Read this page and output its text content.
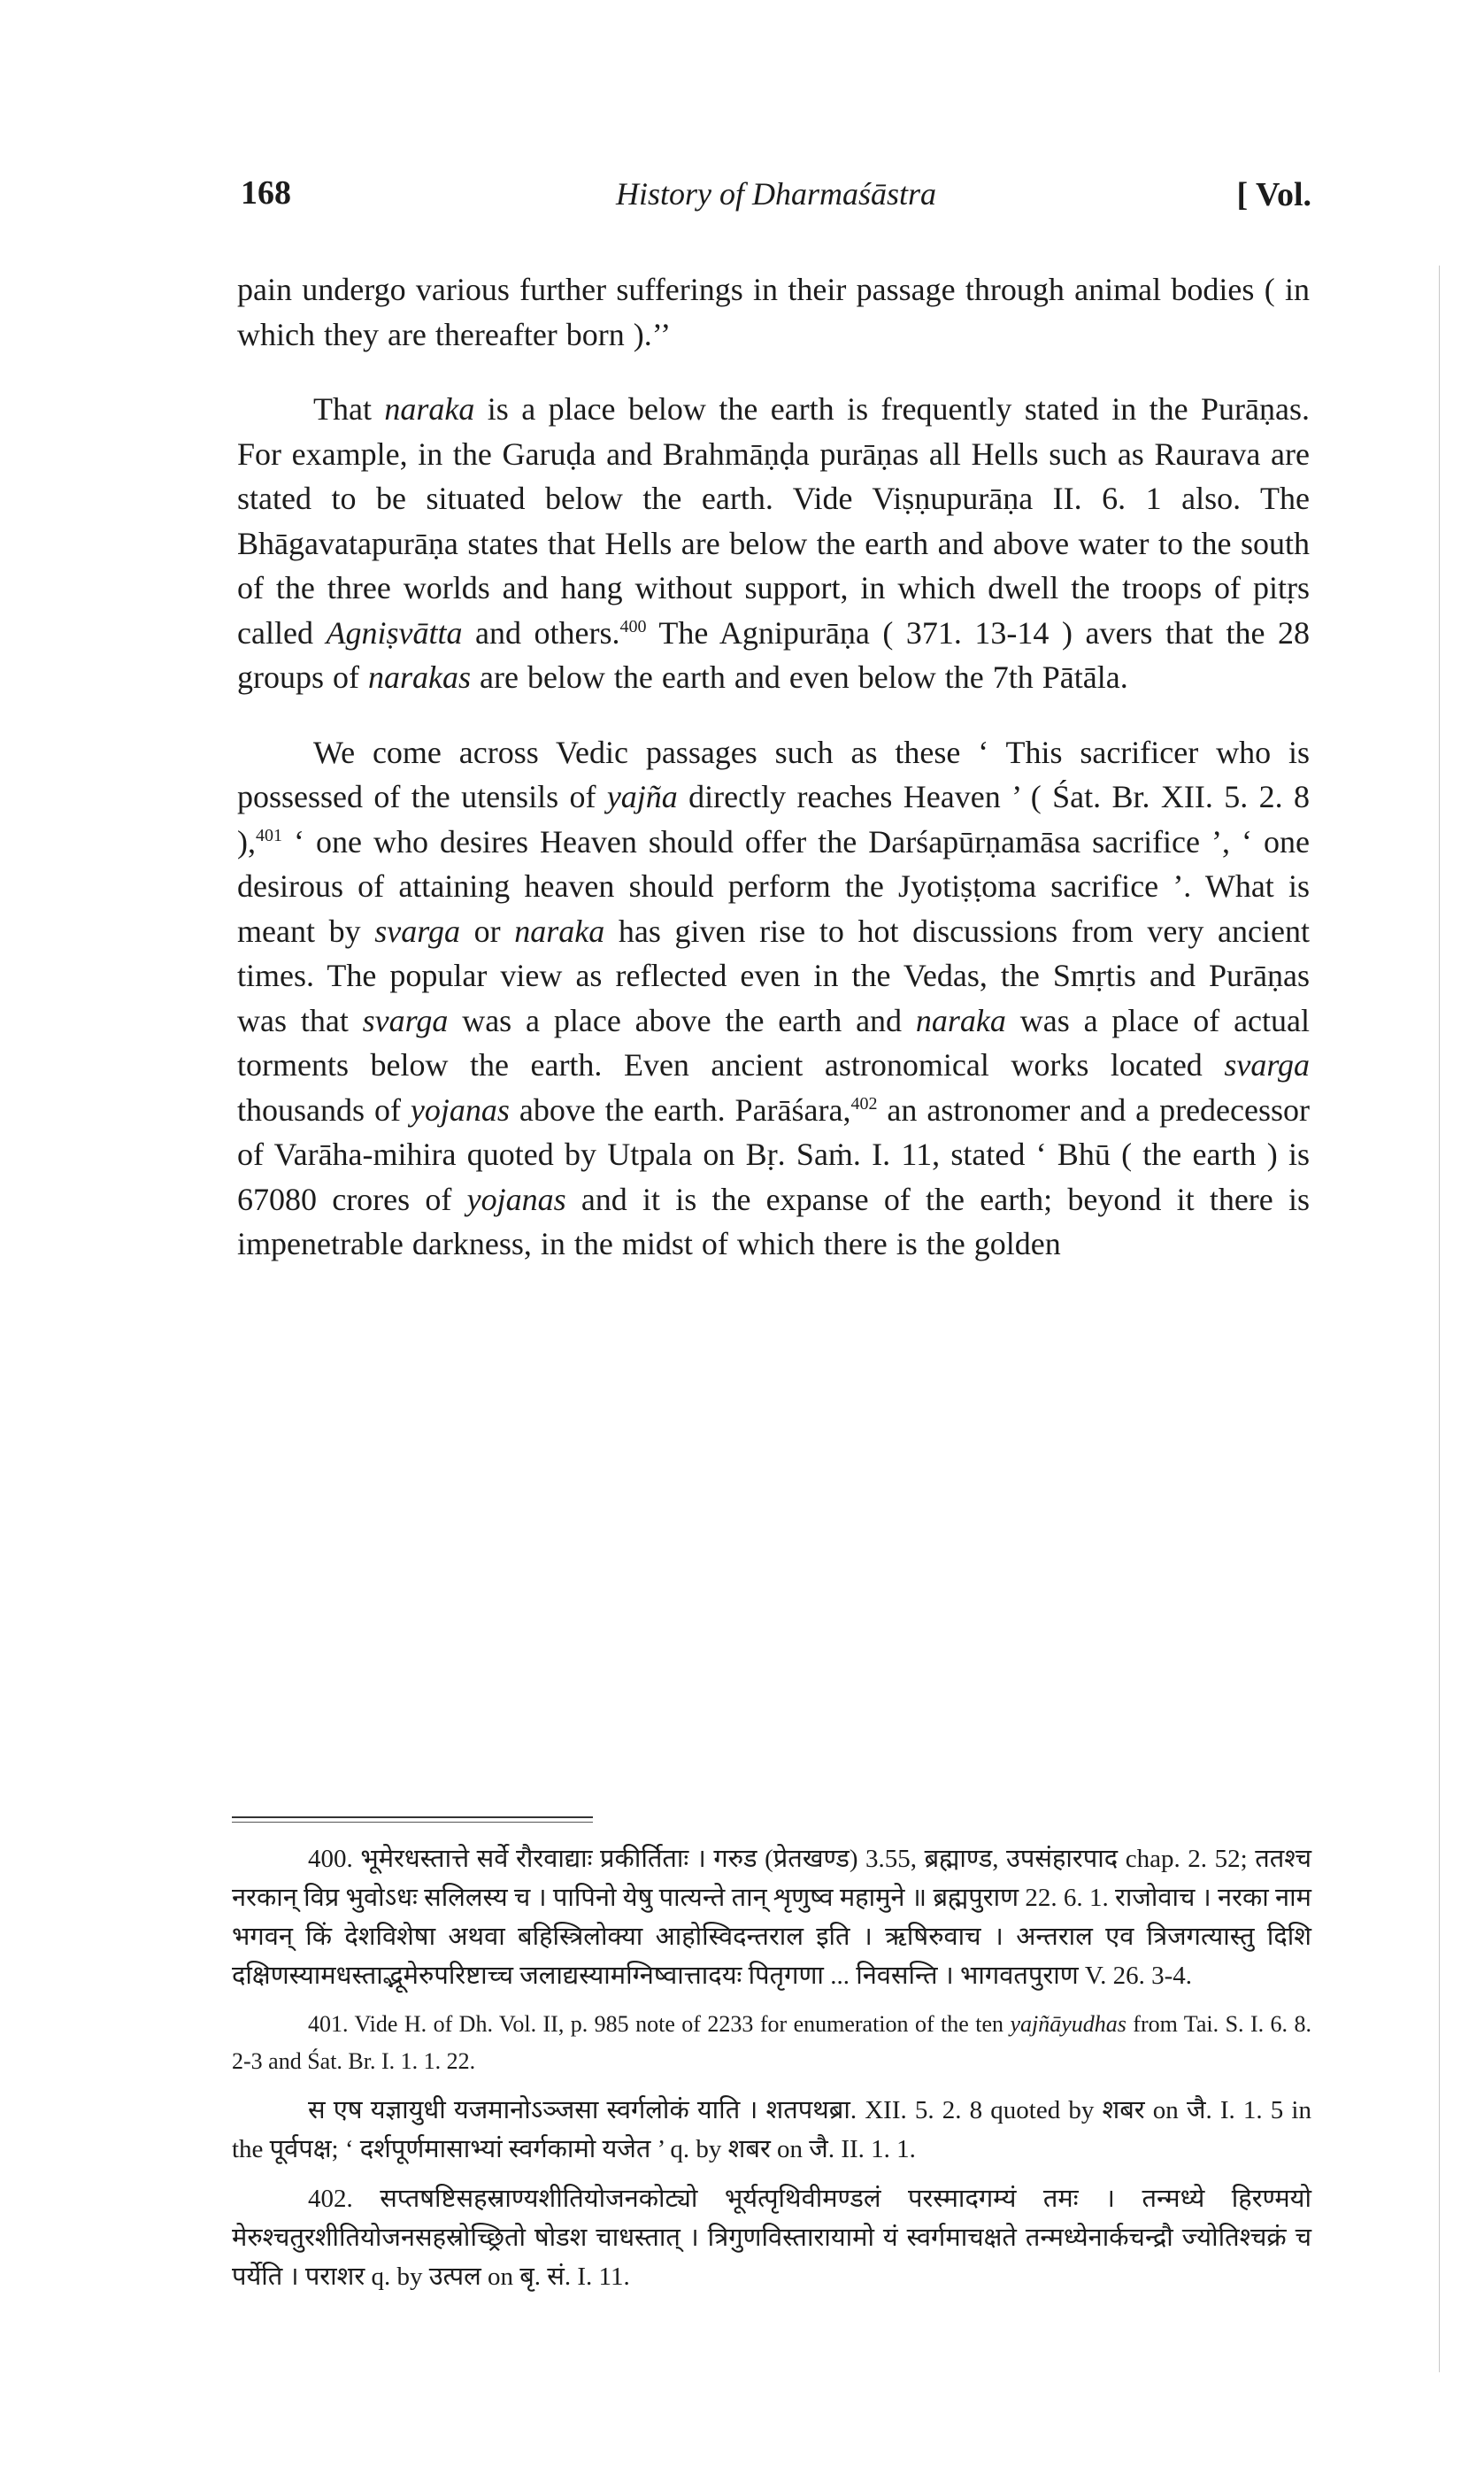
168	History of Dharmaśāstra	[ Vol.

pain undergo various further sufferings in their passage through animal bodies ( in which they are thereafter born ).’’

That naraka is a place below the earth is frequently stated in the Purāṇas. For example, in the Garuḍa and Brahmāṇḍa purāṇas all Hells such as Raurava are stated to be situated below the earth. Vide Viṣṇupurāṇa II. 6. 1 also. The Bhāgavatapurāṇa states that Hells are below the earth and above water to the south of the three worlds and hang without support, in which dwell the troops of pitṛs called Agniṣvātta and others.$^{400}$ The Agnipurāṇa ( 371. 13-14 ) avers that the 28 groups of narakas are below the earth and even below the 7th Pātāla.

We come across Vedic passages such as these ‘ This sacrificer who is possessed of the utensils of yajña directly reaches Heaven ’ ( Śat. Br. XII. 5. 2. 8 ),$^{401}$ ‘ one who desires Heaven should offer the Darśapūrṇamāsa sacrifice ’, ‘ one desirous of attaining heaven should perform the Jyotiṣṭoma sacrifice ’. What is meant by svarga or naraka has given rise to hot discussions from very ancient times. The popular view as reflected even in the Vedas, the Smṛtis and Purāṇas was that svarga was a place above the earth and naraka was a place of actual torments below the earth. Even ancient astronomical works located svarga thousands of yojanas above the earth. Parāśara,$^{402}$ an astronomer and a predecessor of Varāha-mihira quoted by Utpala on Bṛ. Saṁ. I. 11, stated ‘ Bhū ( the earth ) is 67080 crores of yojanas and it is the expanse of the earth; beyond it there is impenetrable darkness, in the midst of which there is the golden

400. भूमेरधस्तात्ते सर्वे रौरवाद्याः प्रकीर्तिताः । गरुड (प्रेतखण्ड) 3.55, ब्रह्माण्ड, उपसंहारपाद chap. 2. 52; ततश्च नरकान् विप्र भुवोऽधः सलिलस्य च । पापिनो येषु पात्यन्ते तान् शृणुष्व महामुने ॥ ब्रह्मपुराण 22. 6. 1. राजोवाच । नरका नाम भगवन् किं देशविशेषा अथवा बहिस्त्रिलोक्या आहोस्विदन्तराल इति । ऋषिरुवाच । अन्तराल एव त्रिजगत्यास्तु दिशि दक्षिणस्यामधस्ताद्भूमेरुपरिष्टाच्च जलाद्यस्यामग्निष्वात्तादयः पितृगणा ... निवसन्ति । भागवतपुराण V. 26. 3-4.

401. Vide H. of Dh. Vol. II, p. 985 note of 2233 for enumeration of the ten yajñāyudhas from Tai. S. I. 6. 8. 2-3 and Śat. Br. I. 1. 1. 22.

स एष यज्ञायुधी यजमानोऽञ्जसा स्वर्गलोकं याति । शतपथब्रा. XII. 5. 2. 8 quoted by शबर on जै. I. 1. 5 in the पूर्वपक्ष; ‘ दर्शपूर्णमासाभ्यां स्वर्गकामो यजेत ’ q. by शबर on जै. II. 1. 1.

402. सप्तषष्टिसहस्राण्यशीतियोजनकोट्यो भूर्यत्पृथिवीमण्डलं परस्मादगम्यं तमः । तन्मध्ये हिरण्मयो मेरुश्चतुरशीतियोजनसहस्रोच्छ्रितो षोडश चाधस्तात् । त्रिगुणविस्तारायामो यं स्वर्गमाचक्षते तन्मध्येनार्कचन्द्रौ ज्योतिश्चक्रं च पर्येति । पराशर q. by उत्पल on बृ. सं. I. 11.
